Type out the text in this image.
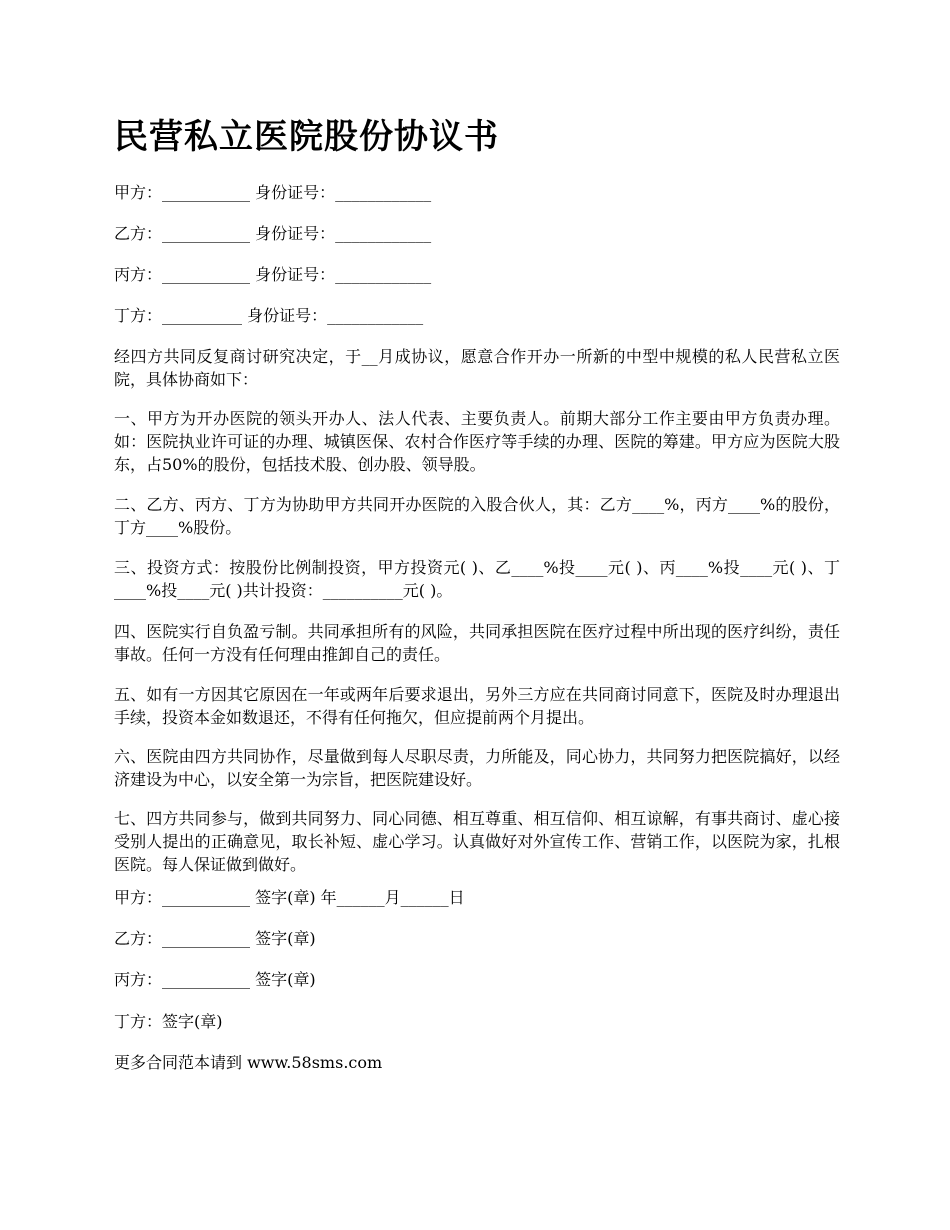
民营私立医院股份协议书

甲方：___________ 身份证号：____________

乙方：___________ 身份证号：____________

丙方：___________ 身份证号：____________

丁方：__________ 身份证号：____________

经四方共同反复商讨研究决定，于__月成协议，愿意合作开办一所新的中型中规模的私人民营私立医院，具体协商如下：

一、甲方为开办医院的领头开办人、法人代表、主要负责人。前期大部分工作主要由甲方负责办理。如：医院执业许可证的办理、城镇医保、农村合作医疗等手续的办理、医院的筹建。甲方应为医院大股东，占50%的股份，包括技术股、创办股、领导股。

二、乙方、丙方、丁方为协助甲方共同开办医院的入股合伙人，其：乙方____%，丙方____%的股份，丁方____%股份。

三、投资方式：按股份比例制投资，甲方投资元( )、乙____%投____元( )、丙____%投____元( )、丁____%投____元( )共计投资：__________元( )。

四、医院实行自负盈亏制。共同承担所有的风险，共同承担医院在医疗过程中所出现的医疗纠纷，责任事故。任何一方没有任何理由推卸自己的责任。

五、如有一方因其它原因在一年或两年后要求退出，另外三方应在共同商讨同意下，医院及时办理退出手续，投资本金如数退还，不得有任何拖欠，但应提前两个月提出。

六、医院由四方共同协作，尽量做到每人尽职尽责，力所能及，同心协力，共同努力把医院搞好，以经济建设为中心，以安全第一为宗旨，把医院建设好。

七、四方共同参与，做到共同努力、同心同德、相互尊重、相互信仰、相互谅解，有事共商讨、虚心接受别人提出的正确意见，取长补短、虚心学习。认真做好对外宣传工作、营销工作，以医院为家，扎根医院。每人保证做到做好。

甲方：___________ 签字(章) 年______月______日

乙方：___________ 签字(章)

丙方：___________ 签字(章)

丁方：签字(章)

更多合同范本请到 www.58sms.com
